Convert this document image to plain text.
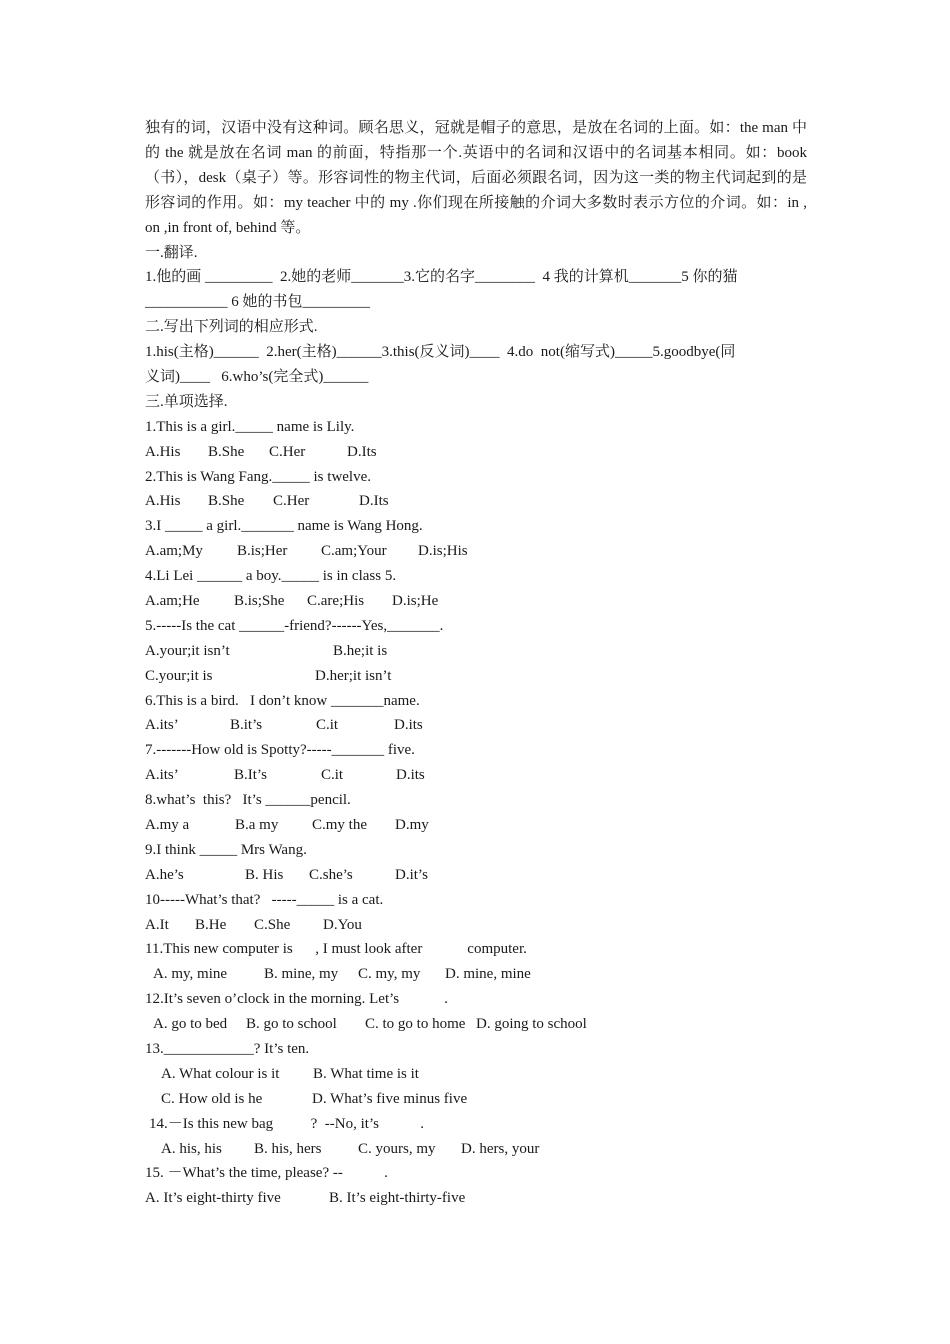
独有的词，汉语中没有这种词。顾名思义，冠就是帽子的意思，是放在名词的上面。如：the man 中的 the 就是放在名词 man 的前面，特指那一个.英语中的名词和汉语中的名词基本相同。如：book（书），desk（桌子）等。形容词性的物主代词，后面必须跟名词，因为这一类的物主代词起到的是形容词的作用。如：my teacher 中的 my .你们现在所接触的介词大多数时表示方位的介词。如：in , on ,in front of, behind 等。
一.翻译.
1.他的画 _________  2.她的老师_______3.它的名字________  4 我的计算机_______5 你的猫
___________ 6 她的书包_________
二.写出下列词的相应形式.
1.his(主格)______  2.her(主格)______3.this(反义词)____  4.do  not(缩写式)_____5.goodbye(同
义词)____   6.who’s(完全式)______
三.单项选择.
1.This is a girl._____ name is Lily.

A.His

B.She

C.Her

	D.Its

2.This is Wang Fang._____ is twelve.

A.His

B.She

C.Her

	D.Its

3.I _____ a girl._______ name is Wang Hong.

A.am;My

B.is;Her

C.am;Your

D.is;His

4.Li Lei ______ a boy._____ is in class 5.

A.am;He

B.is;She

C.are;His

D.is;He

5.-----Is the cat ______-friend?------Yes,_______.

A.your;it isn’t

	B.he;it is

C.your;it is

	D.her;it isn’t

6.This is a bird.   I don’t know _______name.

A.its’

	B.it’s

	C.it

	D.its

7.-------How old is Spotty?-----_______ five.

A.its’

	B.It’s

	C.it

	D.its

8.what’s  this?   It’s ______pencil.

A.my a

	B.a my

C.my the

D.my

9.I think _____ Mrs Wang.

A.he’s

	B. His

C.she’s

	D.it’s

10-----What’s that?   -----_____ is a cat.

A.It

B.He

C.She

D.You

11.This new computer is      , I must look after            computer.

A. my, mine

B. mine, my

C. my, my

D. mine, mine

12.It’s seven o’clock in the morning. Let’s            .

A. go to bed

B. go to school

C. to go to home

D. going to school

13.____________? It’s ten.

A. What colour is it

B. What time is it

C. How old is he

	D. What’s five minus five

14.－Is this new bag          ?  --No, it’s           .

A. his, his

B. his, hers

C. yours, my

D. hers, your

15. －What’s the time, please? --           .

A. It’s eight-thirty five

	B. It’s eight-thirty-five
